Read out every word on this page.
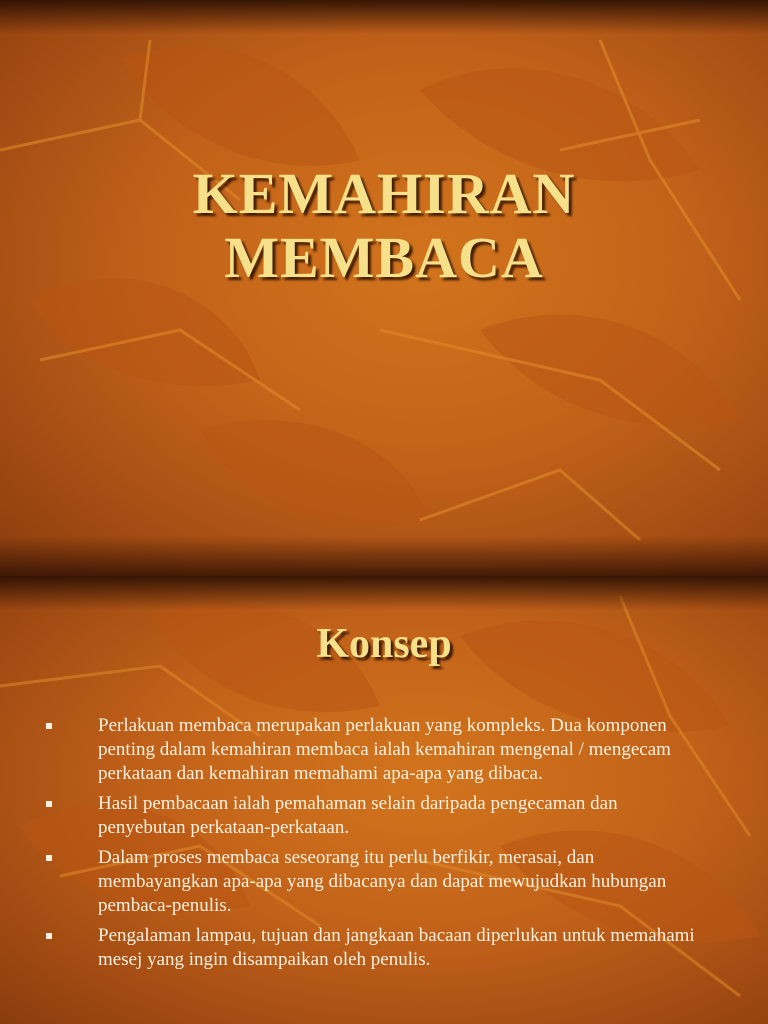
KEMAHIRAN
MEMBACA
Konsep
Perlakuan membaca merupakan perlakuan yang kompleks. Dua komponen penting dalam kemahiran membaca ialah kemahiran mengenal / mengecam perkataan dan kemahiran memahami apa-apa yang dibaca.
Hasil pembacaan ialah pemahaman selain daripada pengecaman dan penyebutan perkataan-perkataan.
Dalam proses membaca seseorang itu perlu berfikir, merasai, dan membayangkan apa-apa yang dibacanya dan dapat mewujudkan hubungan pembaca-penulis.
Pengalaman lampau, tujuan dan jangkaan bacaan diperlukan untuk memahami mesej yang ingin disampaikan oleh penulis.
